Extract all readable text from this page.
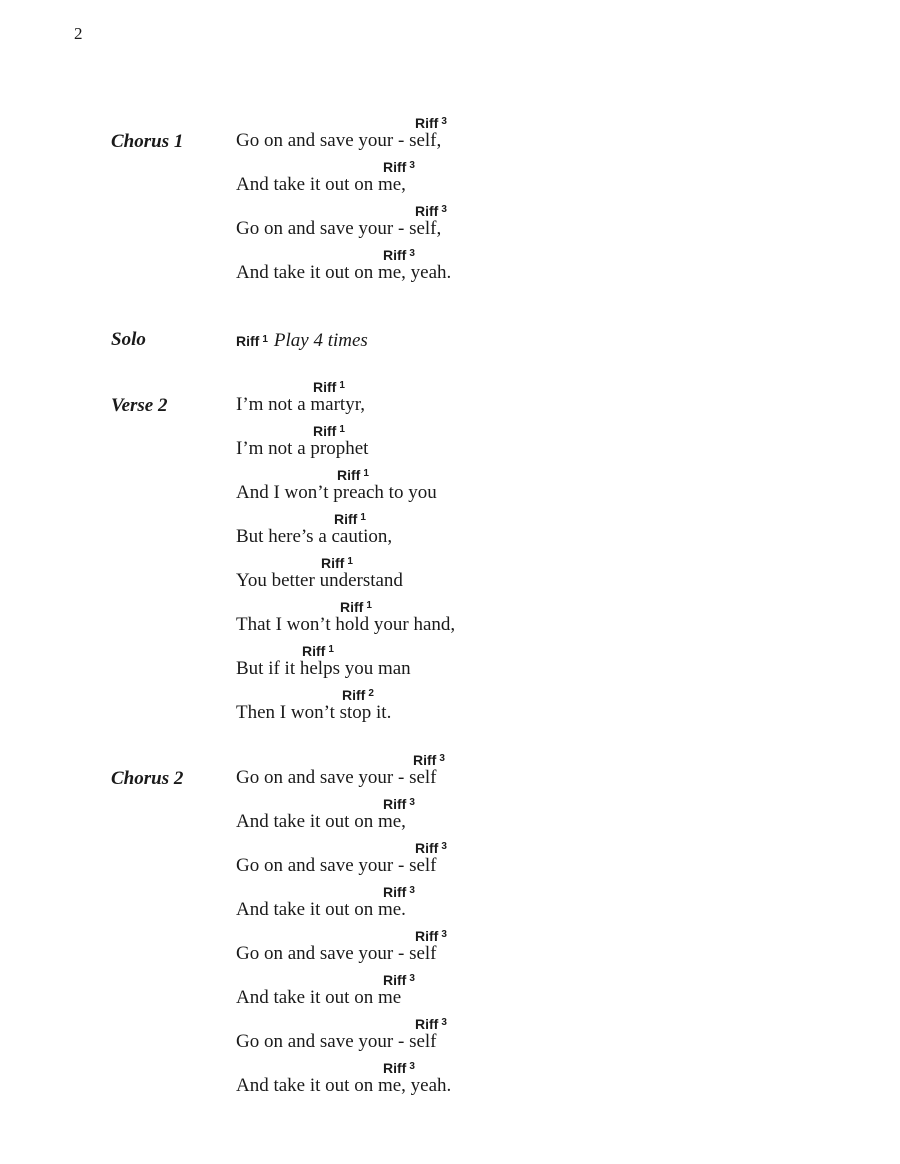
2
Chorus 1
Riff $^3$
Go on and save your - self,
Riff $^3$
And take it out on me,
Riff $^3$
Go on and save your - self,
Riff $^3$
And take it out on me, yeah.
Solo	Riff $^1$ Play 4 times
Verse 2
Riff $^1$
I’m not a martyr,
Riff $^1$
I’m not a prophet
Riff $^1$
And I won’t preach to you
Riff $^1$
But here’s a caution,
Riff $^1$
You better understand
Riff $^1$
That I won’t hold your hand,
Riff $^1$
But if it helps you man
Riff $^2$
Then I won’t stop it.
Chorus 2
Riff $^3$
Go on and save your - self
Riff $^3$
And take it out on me,
Riff $^3$
Go on and save your - self
Riff $^3$
And take it out on me.
Riff $^3$
Go on and save your - self
Riff $^3$
And take it out on me
Riff $^3$
Go on and save your - self
Riff $^3$
And take it out on me, yeah.
